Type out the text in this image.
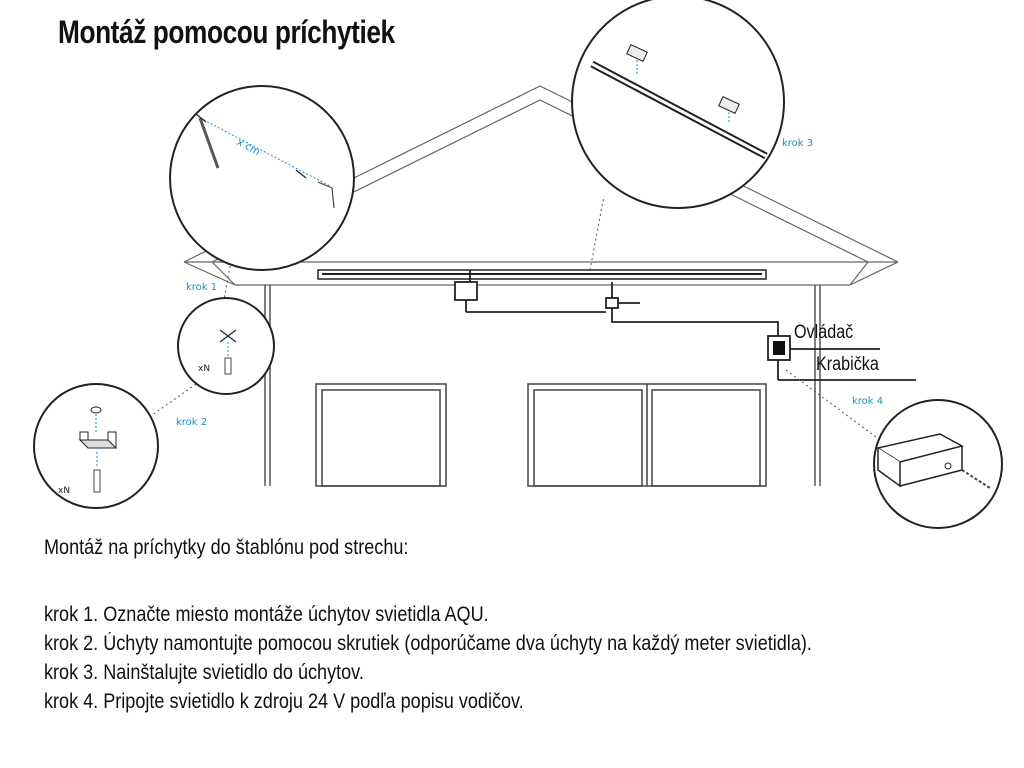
Montáž pomocou príchytiek
krok 1
krok 2
krok 3
krok 4
x cm
xN
xN
Ovládač
Krabička
Montáž na príchytky do štablónu pod strechu:
krok 1. Označte miesto montáže úchytov svietidla AQU.
krok 2. Úchyty namontujte pomocou skrutiek (odporúčame dva úchyty na každý meter svietidla).
krok 3. Nainštalujte svietidlo do úchytov.
krok 4. Pripojte svietidlo k zdroju 24 V podľa popisu vodičov.
